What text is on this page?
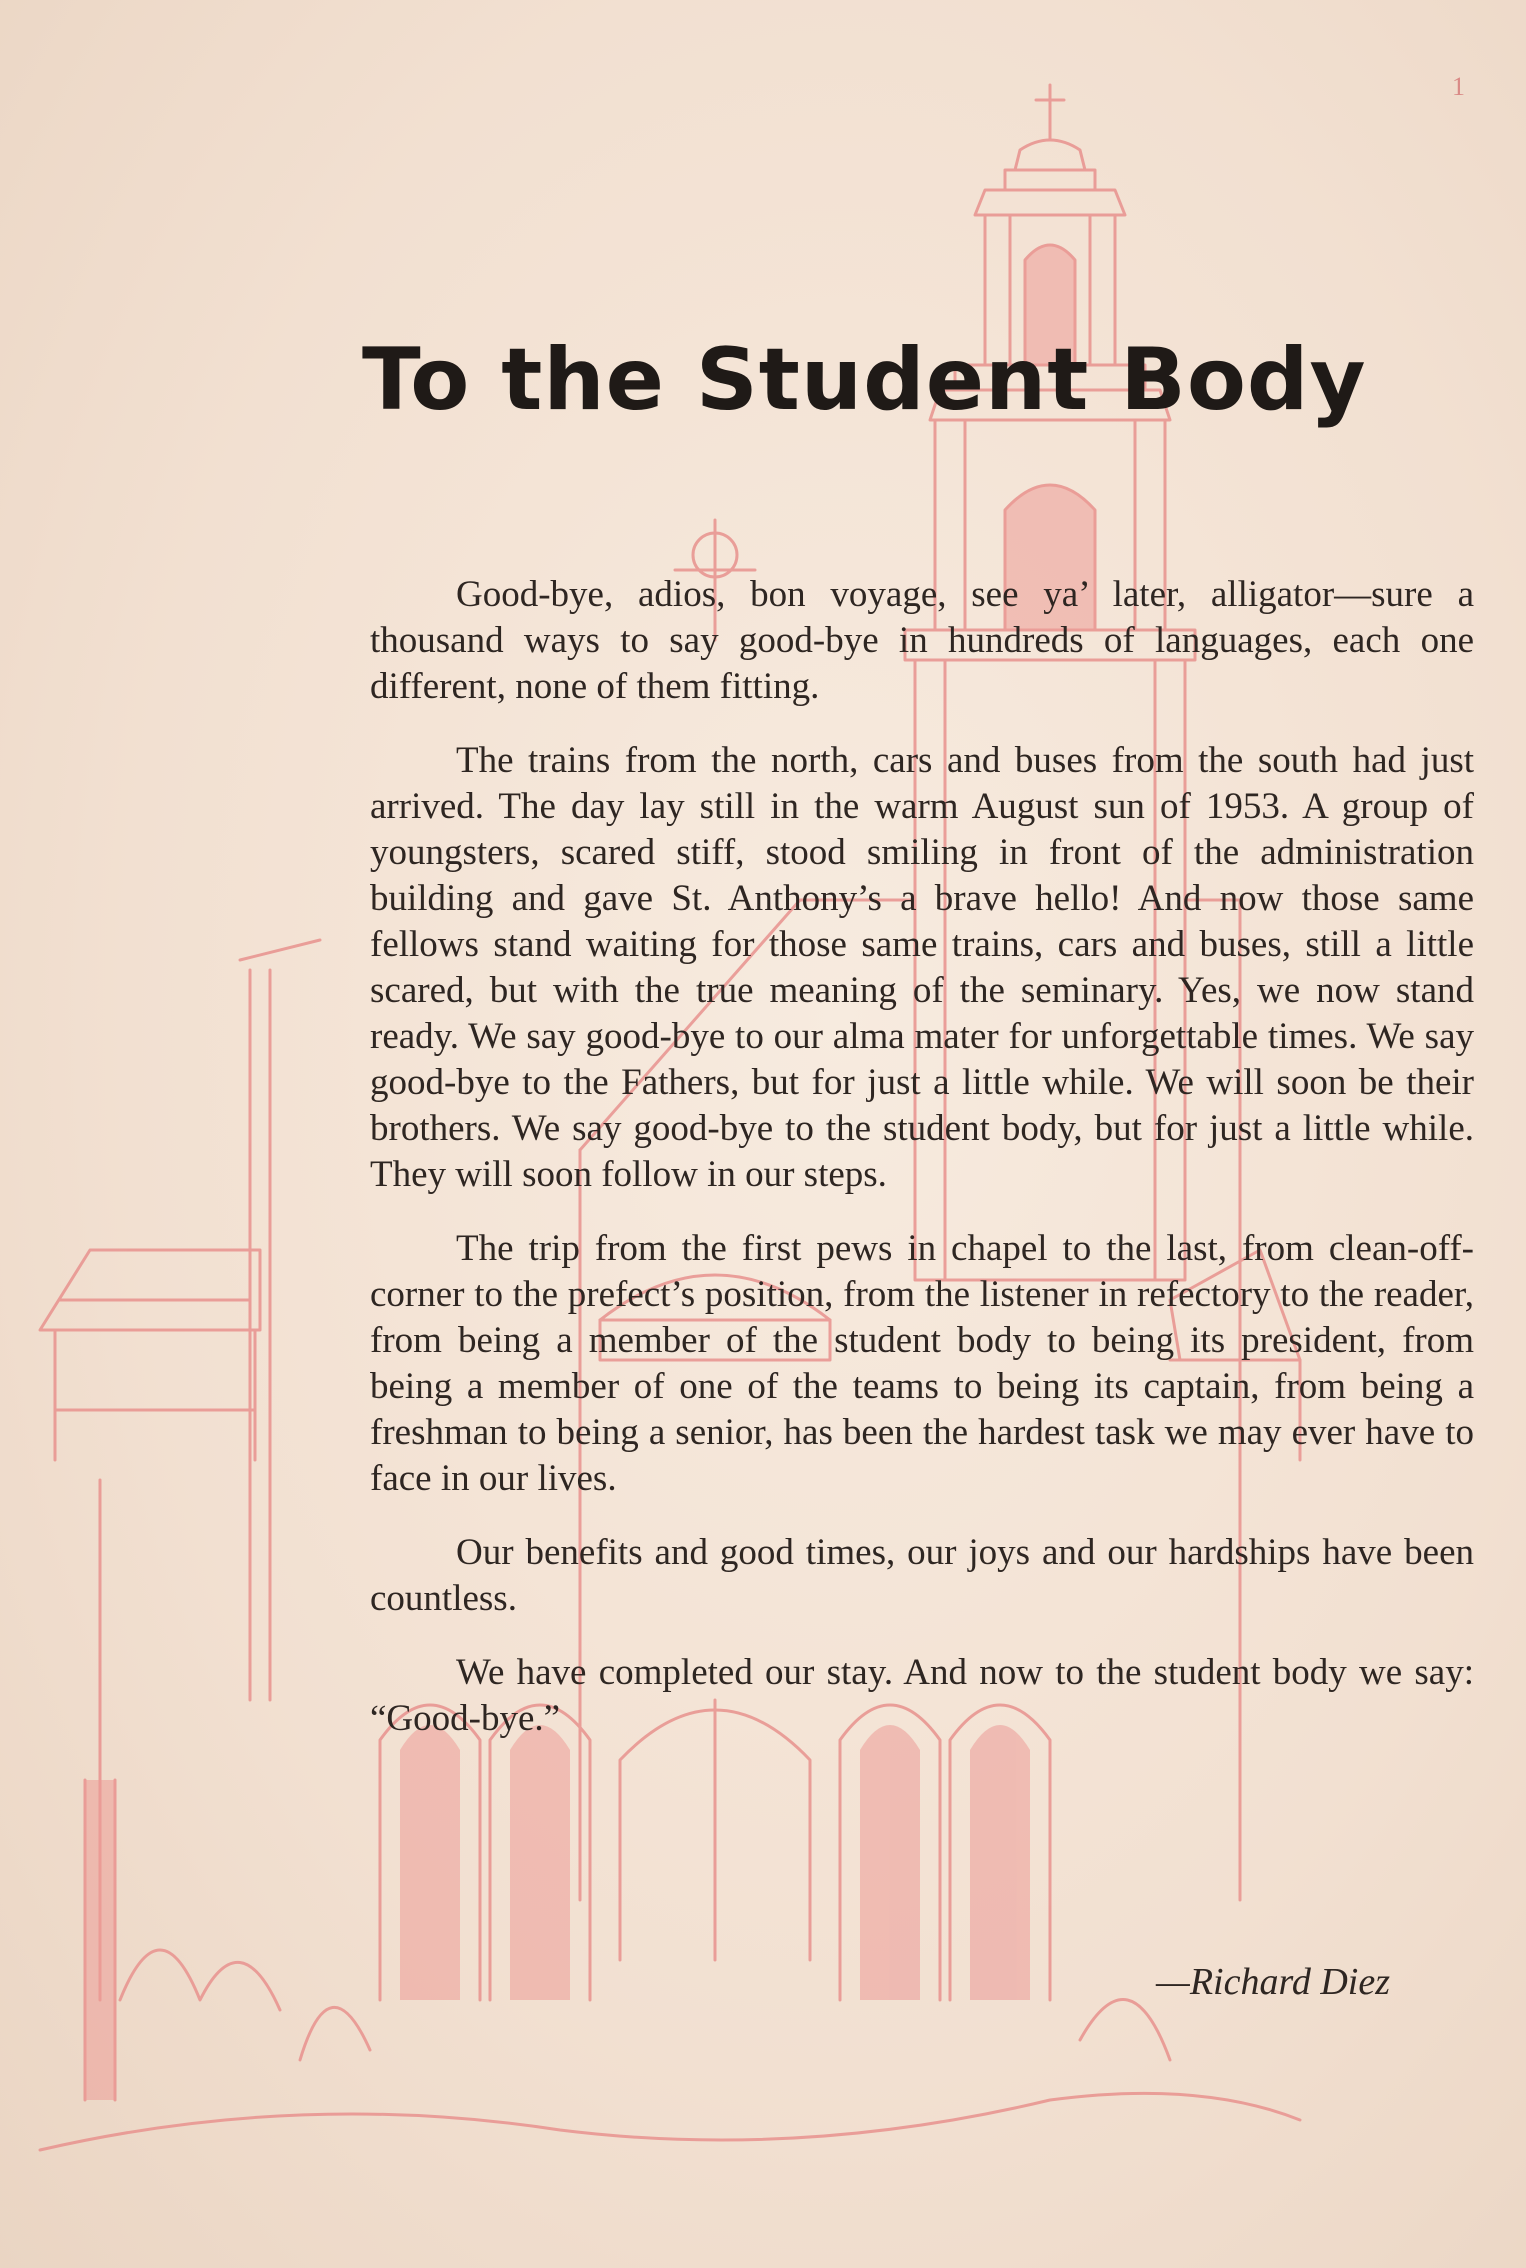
1
To the Student Body

Good-bye, adios, bon voyage, see ya’ later, alligator—sure a thousand ways to say good-bye in hundreds of languages, each one different, none of them fitting.

The trains from the north, cars and buses from the south had just arrived. The day lay still in the warm August sun of 1953. A group of youngsters, scared stiff, stood smiling in front of the administration building and gave St. Anthony’s a brave hello! And now those same fellows stand waiting for those same trains, cars and buses, still a little scared, but with the true meaning of the seminary. Yes, we now stand ready. We say good-bye to our alma mater for unforgettable times. We say good-bye to the Fathers, but for just a little while. We will soon be their brothers. We say good-bye to the student body, but for just a little while. They will soon follow in our steps.

The trip from the first pews in chapel to the last, from clean-off-corner to the prefect’s position, from the listener in refectory to the reader, from being a member of the student body to being its president, from being a member of one of the teams to being its captain, from being a freshman to being a senior, has been the hardest task we may ever have to face in our lives.

Our benefits and good times, our joys and our hardships have been countless.

We have completed our stay. And now to the student body we say: “Good-bye.”

—Richard Diez
